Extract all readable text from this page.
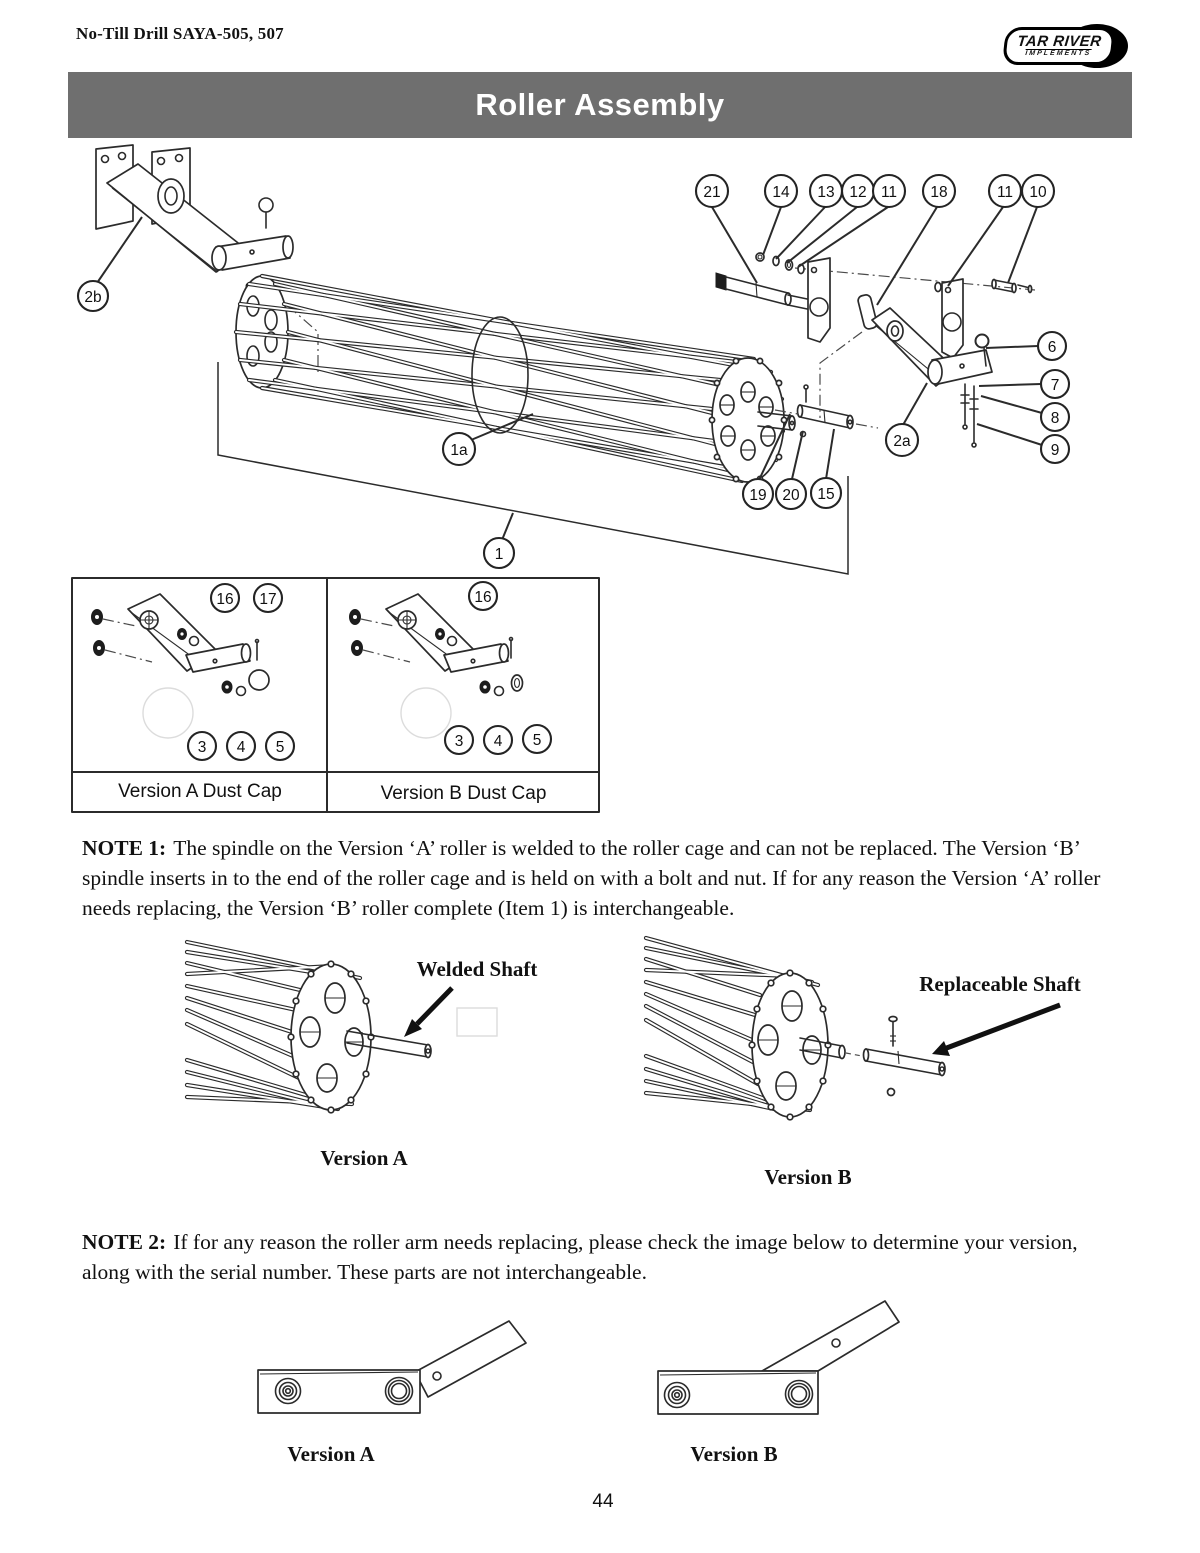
No-Till Drill SAYA-505, 507	TAR RIVER
IMPLEMENTS
Roller Assembly
21	14 13 12 11 18	11 10
2b
6
7
8
9
2a
1a
19 20 15
1
16 17
3 4 5
16
3 4 5
Version A Dust Cap	Version B Dust Cap
NOTE 1: The spindle on the Version ‘A’ roller is welded to the roller cage and can not be replaced. The Version ‘B’ spindle inserts in to the end of the roller cage and is held on with a bolt and nut. If for any reason the Version ‘A’ roller needs replacing, the Version ‘B’ roller complete (Item 1) is interchangeable.
Welded Shaft
Replaceable Shaft
Version A
Version B
NOTE 2: If for any reason the roller arm needs replacing, please check the image below to determine your version, along with the serial number. These parts are not interchangeable.
Version A	Version B
44
